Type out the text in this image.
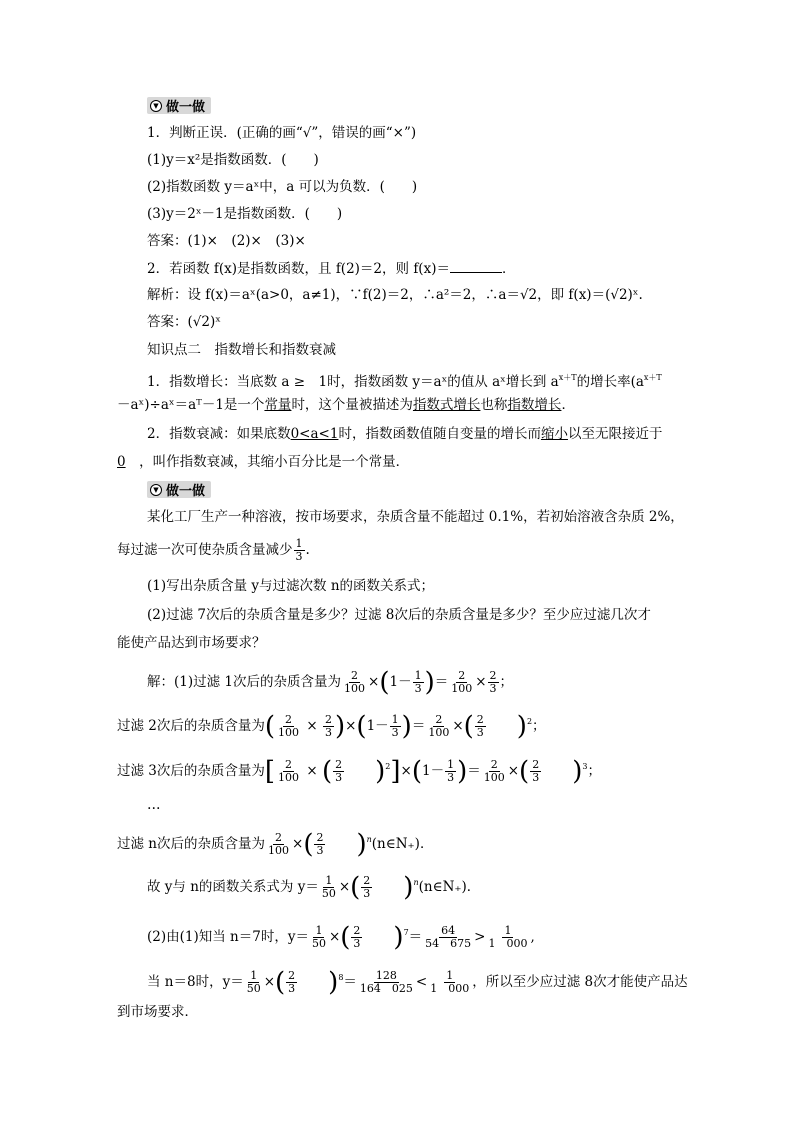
▼ 做一做
1．判断正误．(正确的画“√”，错误的画“×”)
(1)y＝x²是指数函数．(　　)
(2)指数函数 y＝aˣ中，a 可以为负数．(　　)
(3)y＝2ˣ－1是指数函数．(　　)
答案：(1)×　(2)×　(3)×
2．若函数 f(x)是指数函数，且 f(2)＝2，则 f(x)＝	．
解析：设 f(x)＝aˣ(a>0，a≠1)，∵f(2)＝2，∴a²＝2，∴a＝√2，即 f(x)＝(√2)ˣ.
答案：(√2)ˣ
知识点二　指数增长和指数衰减
1．指数增长：当底数 a ≥　1时，指数函数 y＝aˣ的值从 aˣ增长到 $a^{x+T}$的增长率($a^{x+T}$
－aˣ)÷aˣ＝aᵀ－1是一个常量时，这个量被描述为指数式增长也称指数增长．
2．指数衰减：如果底数0<a<1时，指数函数值随自变量的增长而缩小以至无限接近于
0　，叫作指数衰减，其缩小百分比是一个常量．
▼ 做一做
某化工厂生产一种溶液，按市场要求，杂质含量不能超过 0.1%，若初始溶液含杂质 2%，
每过滤一次可使杂质含量减少 $\frac{1}{3}$ .
(1)写出杂质含量 y与过滤次数 n的函数关系式；
(2)过滤 7次后的杂质含量是多少？过滤 8次后的杂质含量是多少？至少应过滤几次才
能使产品达到市场要求？
解：(1)过滤 1次后的杂质含量为 $\frac{2}{100} \times(1- \frac{1}{3}$ )＝ $\frac{2}{100} \times \frac{2}{3}$ ；
过滤 2次后的杂质含量为( $\frac{2}{100} \times \frac{2}{3} )\times(1- \frac{1}{3}$ )＝ $\frac{2}{100}$ ×( $\frac{2}{3} )^2$；
过滤 3次后的杂质含量为[ $\frac{2}{100}$ × ( $\frac{2}{3} )^2]\times(1- \frac{1}{3}$ )＝ $\frac{2}{100}$ ×( $\frac{2}{3} )^3$；
…
过滤 n次后的杂质含量为 $\frac{2}{100}$ ×( $\frac{2}{3}$ )$^n$(n∈N₊)．
故 y与 n的函数关系式为 $y= \frac{1}{50}$ ×( $\frac{2}{3}$ )$^n$(n∈N₊)．
(2)由(1)知当 n＝7时，$y= \frac{1}{50}$ ×( $\frac{2}{3} )^7= \frac{64}{54 675} > \frac{1}{1 000}$ ,
当 n＝8时，$y= \frac{1}{50}$ ×( $\frac{2}{3} )^8= \frac{128}{164 025} < \frac{1}{1 000}$ ，所以至少应过滤 8次才能使产品达
到市场要求．
